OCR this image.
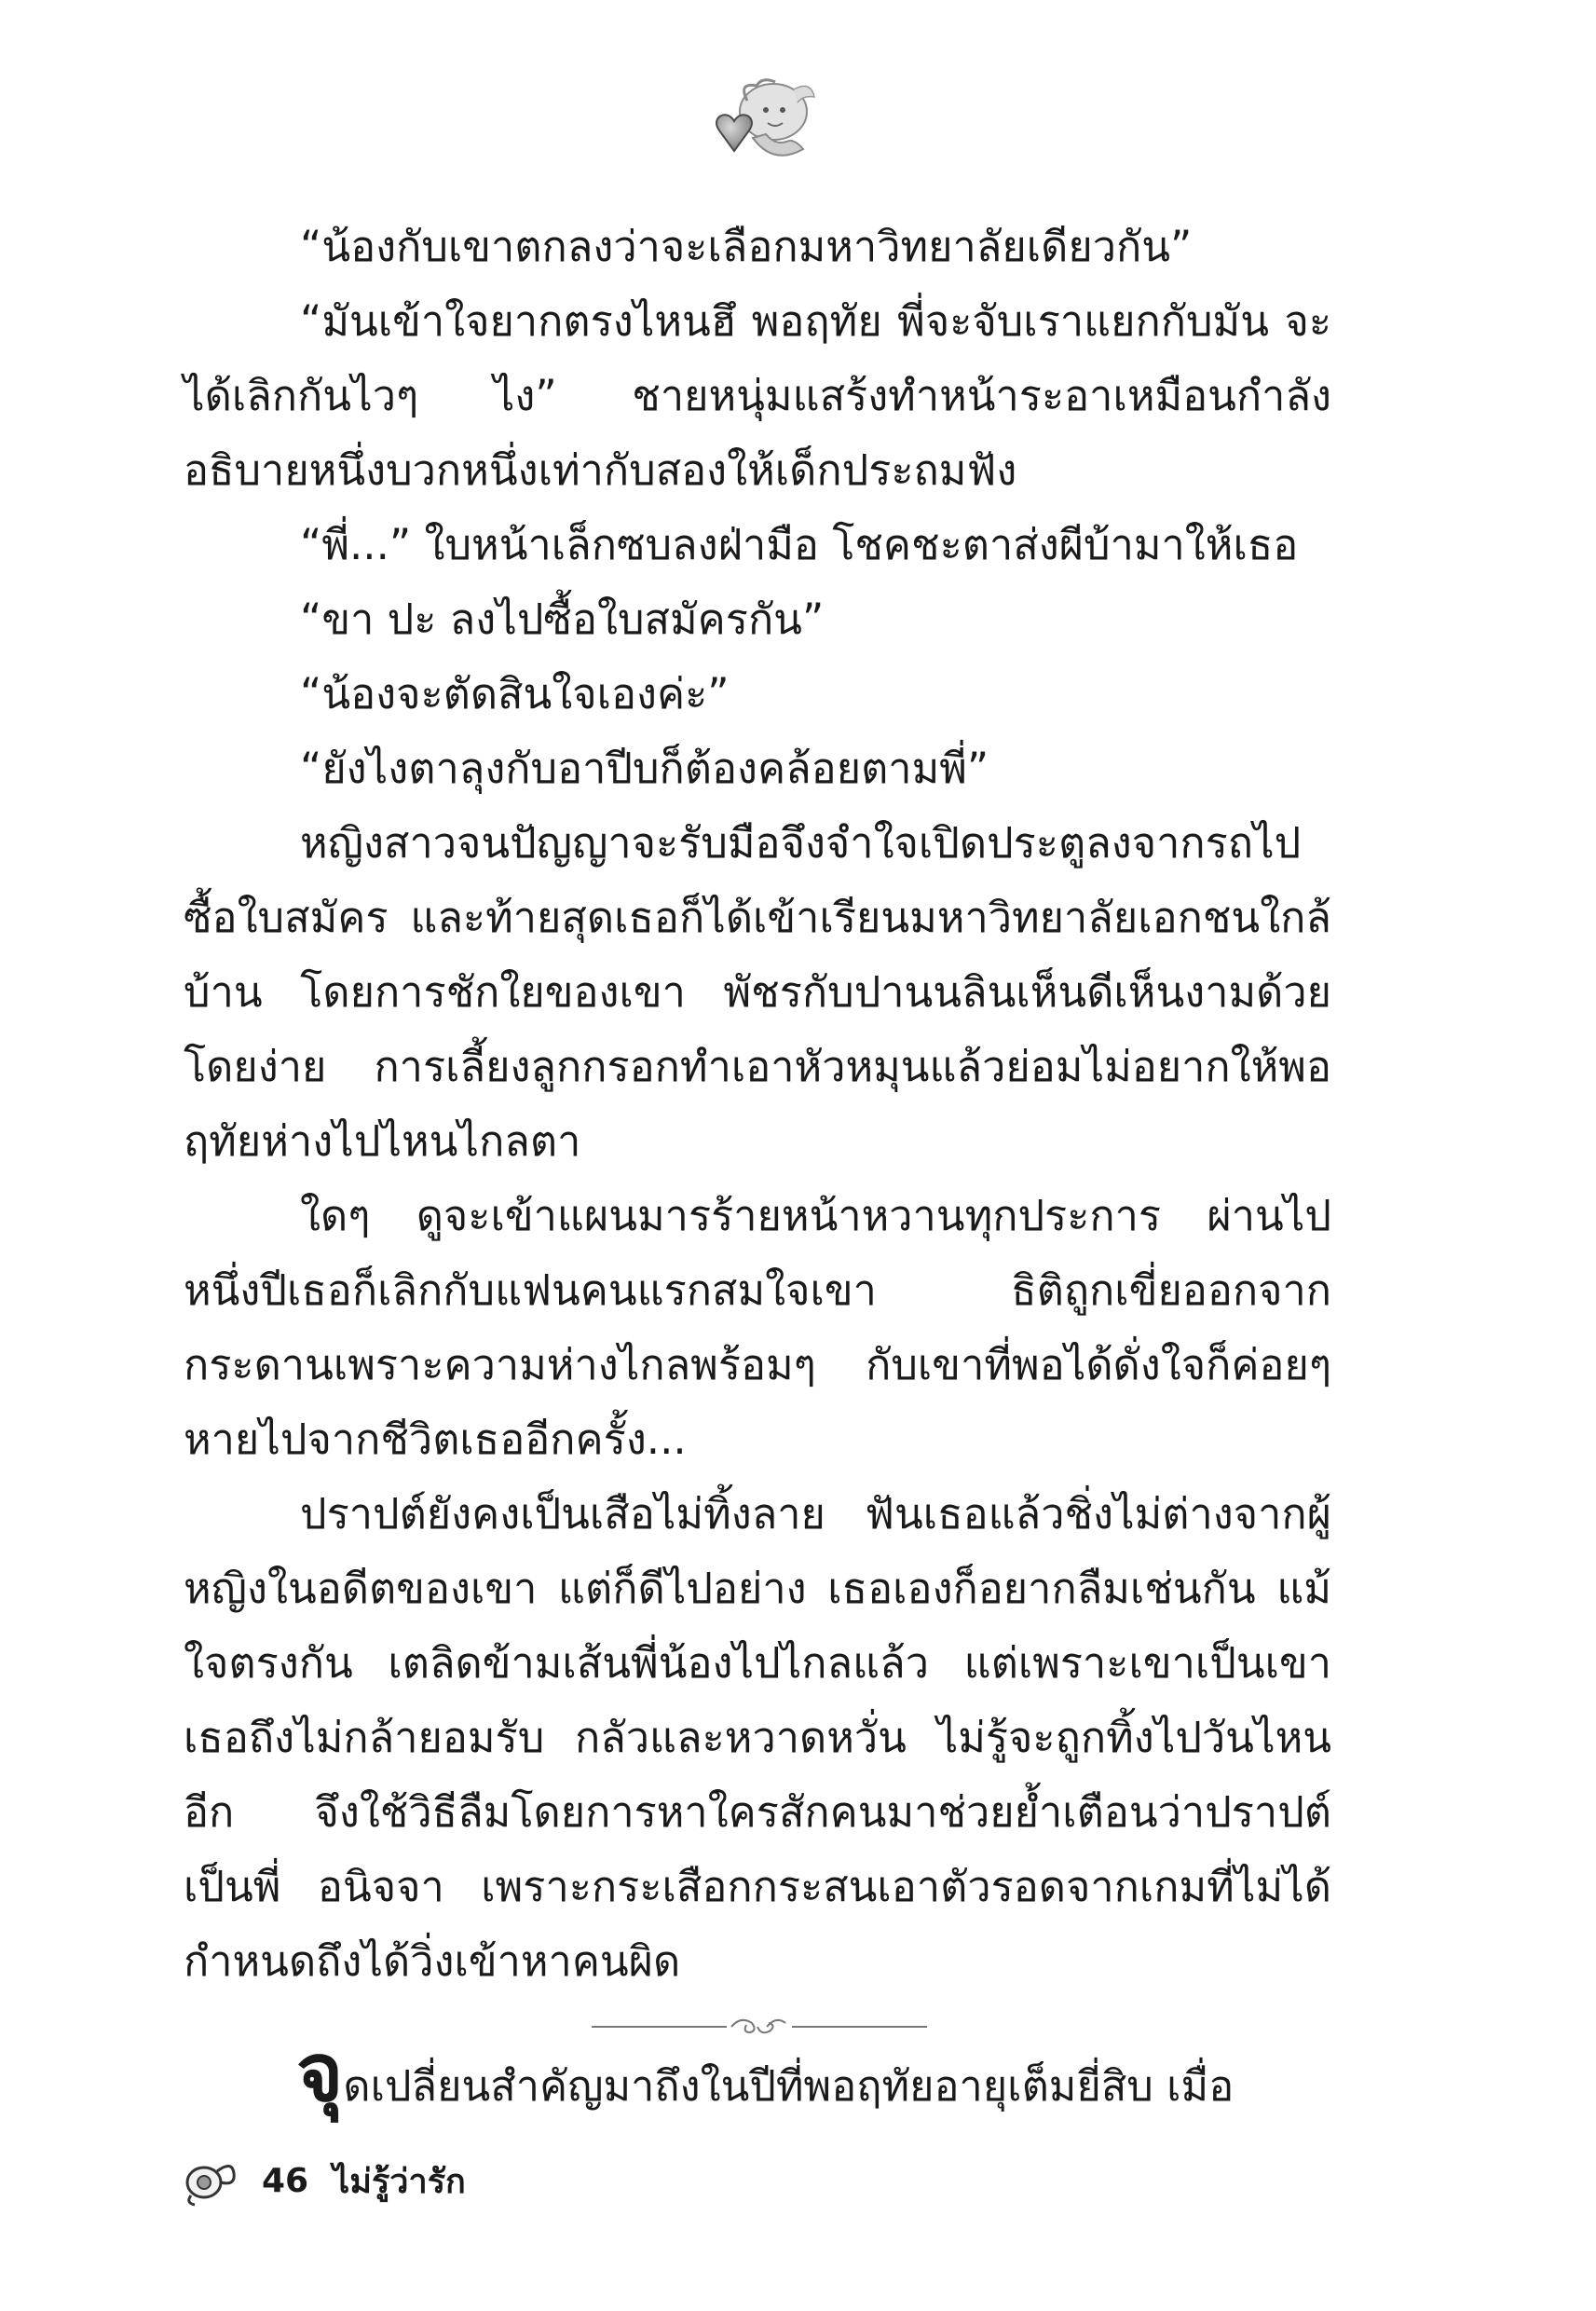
“น้องกับเขาตกลงว่าจะเลือกมหาวิทยาลัยเดียวกัน”

“มันเข้าใจยากตรงไหนฮึ พอฤทัย พี่จะจับเราแยกกับมัน จะได้เลิกกันไวๆ ไง” ชายหนุ่มแสร้งทำหน้าระอาเหมือนกำลังอธิบายหนึ่งบวกหนึ่งเท่ากับสองให้เด็กประถมฟัง

“พี่...” ใบหน้าเล็กซบลงฝ่ามือ โชคชะตาส่งผีบ้ามาให้เธอ

“ขา ปะ ลงไปซื้อใบสมัครกัน”

“น้องจะตัดสินใจเองค่ะ”

“ยังไงตาลุงกับอาปีบก็ต้องคล้อยตามพี่”

หญิงสาวจนปัญญาจะรับมือจึงจำใจเปิดประตูลงจากรถไปซื้อใบสมัคร และท้ายสุดเธอก็ได้เข้าเรียนมหาวิทยาลัยเอกชนใกล้บ้าน โดยการชักใยของเขา พัชรกับปานนลินเห็นดีเห็นงามด้วยโดยง่าย การเลี้ยงลูกกรอกทำเอาหัวหมุนแล้วย่อมไม่อยากให้พอฤทัยห่างไปไหนไกลตา

ใดๆ ดูจะเข้าแผนมารร้ายหน้าหวานทุกประการ ผ่านไปหนึ่งปีเธอก็เลิกกับแฟนคนแรกสมใจเขา ธิติถูกเขี่ยออกจากกระดานเพราะความห่างไกลพร้อมๆ กับเขาที่พอได้ดั่งใจก็ค่อยๆ หายไปจากชีวิตเธออีกครั้ง...

ปราปต์ยังคงเป็นเสือไม่ทิ้งลาย ฟันเธอแล้วชิ่งไม่ต่างจากผู้หญิงในอดีตของเขา แต่ก็ดีไปอย่าง เธอเองก็อยากลืมเช่นกัน แม้ใจตรงกัน เตลิดข้ามเส้นพี่น้องไปไกลแล้ว แต่เพราะเขาเป็นเขา เธอถึงไม่กล้ายอมรับ กลัวและหวาดหวั่น ไม่รู้จะถูกทิ้งไปวันไหนอีก จึงใช้วิธีลืมโดยการหาใครสักคนมาช่วยย้ำเตือนว่าปราปต์เป็นพี่ อนิจจา เพราะกระเสือกกระสนเอาตัวรอดจากเกมที่ไม่ได้กำหนดถึงได้วิ่งเข้าหาคนผิด

จุดเปลี่ยนสำคัญมาถึงในปีที่พอฤทัยอายุเต็มยี่สิบ เมื่อ

46 ไม่รู้ว่ารัก
